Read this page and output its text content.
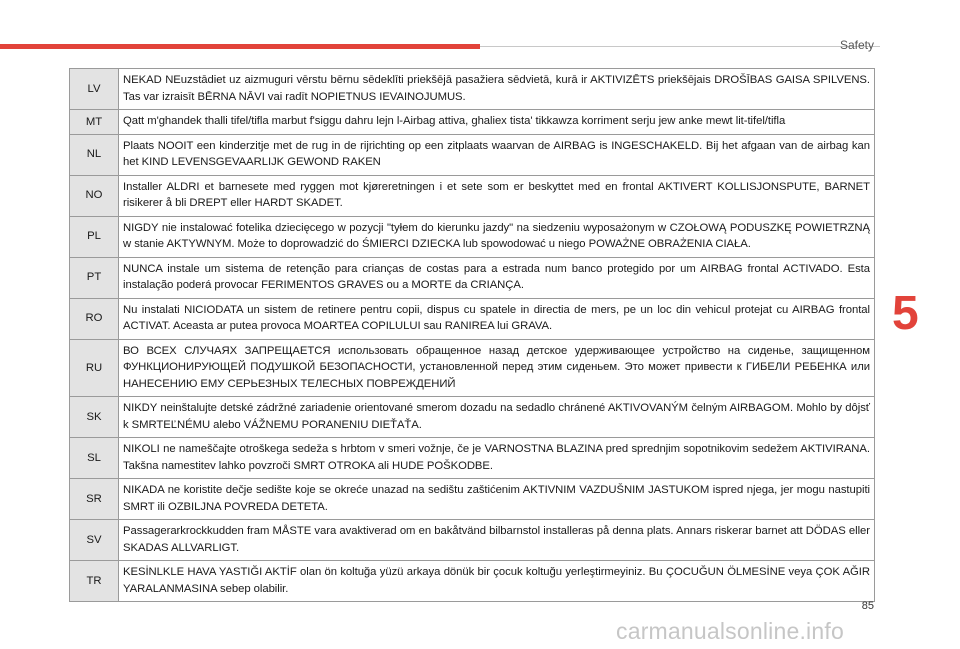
Safety
LV	NEKAD NEuzstādiet uz aizmuguri vērstu bērnu sēdeklīti priekšējā pasažiera sēdvietā, kurā ir AKTIVIZĒTS priekšējais DROŠĪBAS GAISA SPILVENS. Tas var izraisīt BĒRNA NĀVI vai radīt NOPIETNUS IEVAINOJUMUS.
MT	Qatt m'ghandek thalli tifel/tifla marbut f'siggu dahru lejn l-Airbag attiva, ghaliex tista' tikkawza korriment serju jew anke mewt lit-tifel/tifla
NL	Plaats NOOIT een kinderzitje met de rug in de rijrichting op een zitplaats waarvan de AIRBAG is INGESCHAKELD. Bij het afgaan van de airbag kan het KIND LEVENSGEVAARLIJK GEWOND RAKEN
NO	Installer ALDRI et barnesete med ryggen mot kjøreretningen i et sete som er beskyttet med en frontal AKTIVERT KOLLISJONSPUTE, BARNET risikerer å bli DREPT eller HARDT SKADET.
PL	NIGDY nie instalować fotelika dziecięcego w pozycji "tyłem do kierunku jazdy" na siedzeniu wyposażonym w CZOŁOWĄ PODUSZKĘ POWIETRZNĄ w stanie AKTYWNYM. Może to doprowadzić do ŚMIERCI DZIECKA lub spowodować u niego POWAŻNE OBRAŻENIA CIAŁA.
PT	NUNCA instale um sistema de retenção para crianças de costas para a estrada num banco protegido por um AIRBAG frontal ACTIVADO. Esta instalação poderá provocar FERIMENTOS GRAVES ou a MORTE da CRIANÇA.
RO	Nu instalati NICIODATA un sistem de retinere pentru copii, dispus cu spatele in directia de mers, pe un loc din vehicul protejat cu AIRBAG frontal ACTIVAT. Aceasta ar putea provoca MOARTEA COPILULUI sau RANIREA lui GRAVA.
RU	ВО ВСЕХ СЛУЧАЯХ ЗАПРЕЩАЕТСЯ использовать обращенное назад детское удерживающее устройство на сиденье, защищенном ФУНКЦИОНИРУЮЩЕЙ ПОДУШКОЙ БЕЗОПАСНОСТИ, установленной перед этим сиденьем. Это может привести к ГИБЕЛИ РЕБЕНКА или НАНЕСЕНИЮ ЕМУ СЕРЬЕЗНЫХ ТЕЛЕСНЫХ ПОВРЕЖДЕНИЙ
SK	NIKDY neinštalujte detské zádržné zariadenie orientované smerom dozadu na sedadlo chránené AKTIVOVANÝM čelným AIRBAGOM. Mohlo by dôjsť k SMRTEĽNÉMU alebo VÁŽNEMU PORANENIU DIEŤAŤA.
SL	NIKOLI ne nameščajte otroškega sedeža s hrbtom v smeri vožnje, če je VARNOSTNA BLAZINA pred sprednjim sopotnikovim sedežem AKTIVIRANA. Takšna namestitev lahko povzroči SMRT OTROKA ali HUDE POŠKODBE.
SR	NIKADA ne koristite dečje sedište koje se okreće unazad na sedištu zaštićenim AKTIVNIM VAZDUŠNIM JASTUKOM ispred njega, jer mogu nastupiti SMRT ili OZBILJNA POVREDA DETETA.
SV	Passagerarkrockkudden fram MÅSTE vara avaktiverad om en bakåtvänd bilbarnstol installeras på denna plats. Annars riskerar barnet att DÖDAS eller SKADAS ALLVARLIGT.
TR	KESİNLKLE HAVA YASTIĞI AKTİF olan ön koltuğa yüzü arkaya dönük bir çocuk koltuğu yerleştirmeyiniz. Bu ÇOCUĞUN ÖLMESİNE veya ÇOK AĞIR YARALANMASINA sebep olabilir.
5
85
carmanualsonline.info
